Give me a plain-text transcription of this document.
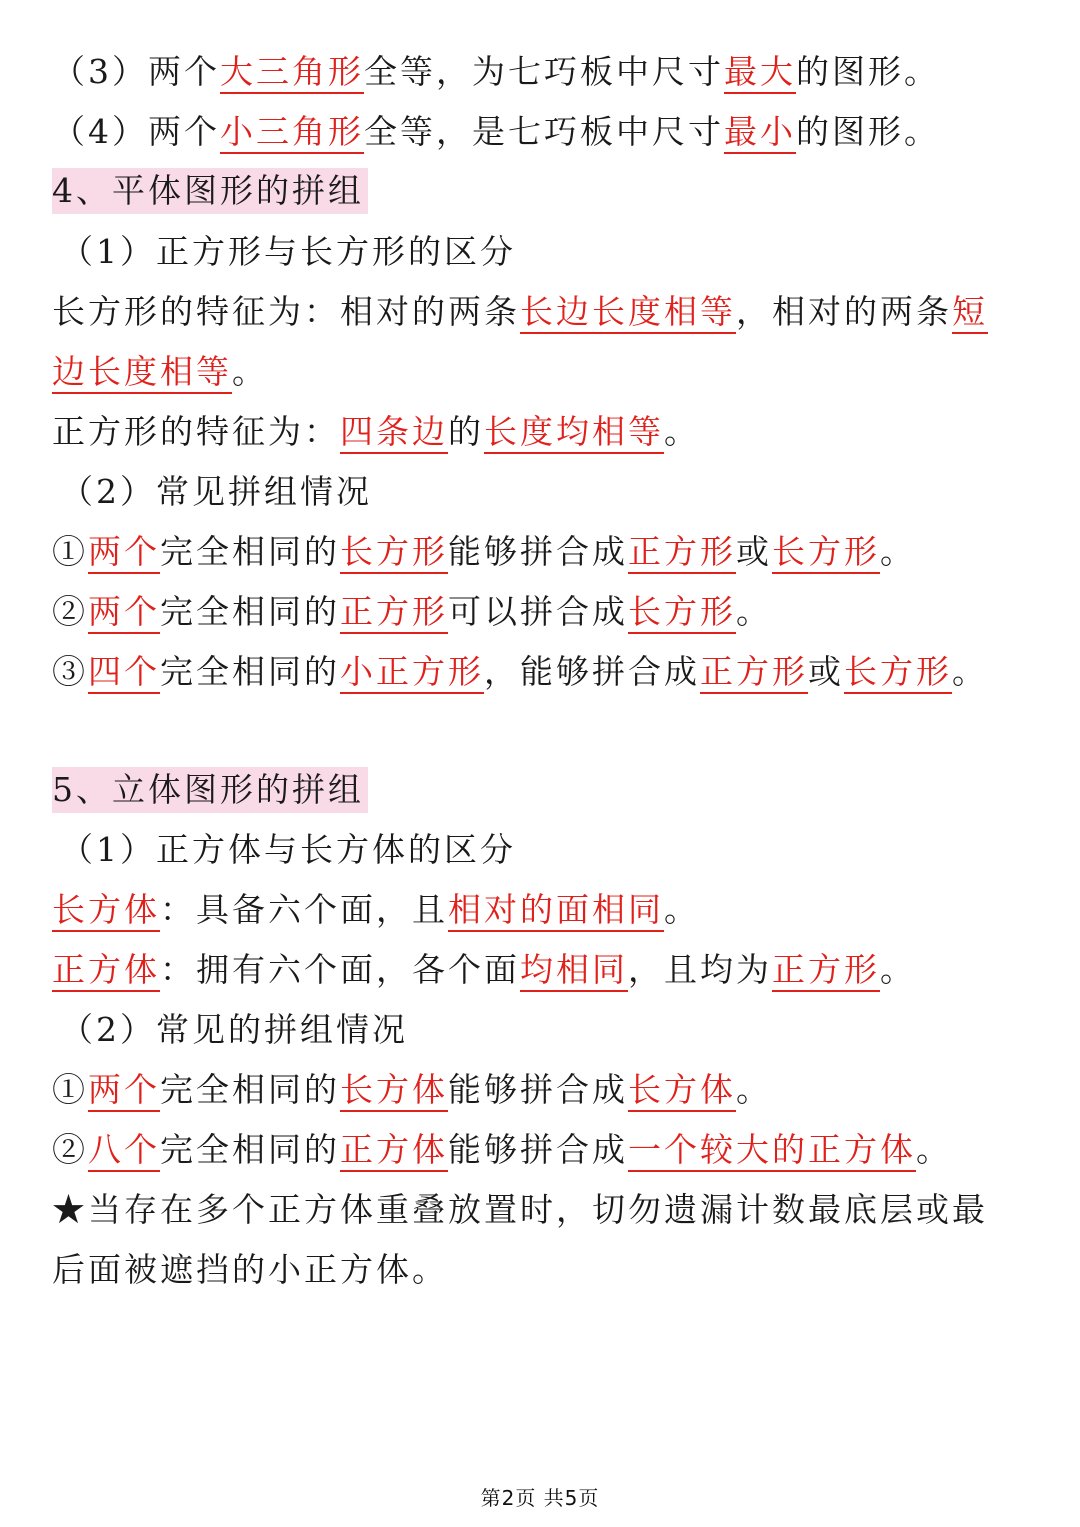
（3）两个大三角形全等，为七巧板中尺寸最大的图形。
（4）两个小三角形全等，是七巧板中尺寸最小的图形。
4、平体图形的拼组
（1）正方形与长方形的区分
长方形的特征为：相对的两条长边长度相等，相对的两条短
边长度相等。
正方形的特征为：四条边的长度均相等。
（2）常见拼组情况
①两个完全相同的长方形能够拼合成正方形或长方形。
②两个完全相同的正方形可以拼合成长方形。
③四个完全相同的小正方形，能够拼合成正方形或长方形。
5、立体图形的拼组
（1）正方体与长方体的区分
长方体：具备六个面，且相对的面相同。
正方体：拥有六个面，各个面均相同，且均为正方形。
（2）常见的拼组情况
①两个完全相同的长方体能够拼合成长方体。
②八个完全相同的正方体能够拼合成一个较大的正方体。
★当存在多个正方体重叠放置时，切勿遗漏计数最底层或最
后面被遮挡的小正方体。
第2页 共5页
